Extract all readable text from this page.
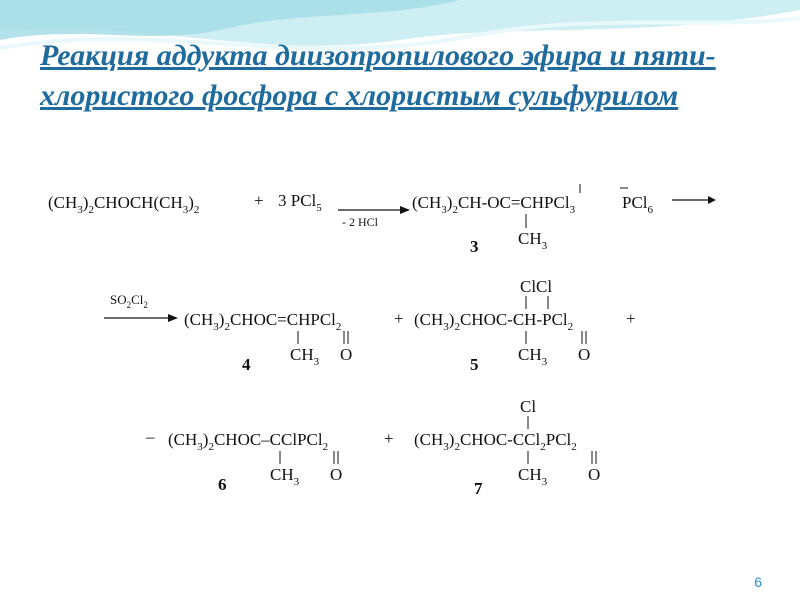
Реакция аддукта диизопропилового эфира и пяти-хлористого фосфора с хлористым сульфурилом
$(CH_3)_2CHOCH(CH_3)_2$	+ 3 PCl$_5$
- 2 HCl
$(CH_3)_2CH-OC=CHPCl_3$	PCl$_6$
$CH_3$
3
$SO_2Cl_2$
$(CH_3)_2CHOC=CHPCl_2$
$CH_3$ O
4
+
ClCl
$(CH_3)_2CHOC-CH-PCl_2$
$CH_3$ O
5
+
– $(CH_3)_2CHOC-CClPCl_2$
$CH_3$ O
6
+
Cl
$(CH_3)_2CHOC-CCl_2PCl_2$
$CH_3$ O
7
6
